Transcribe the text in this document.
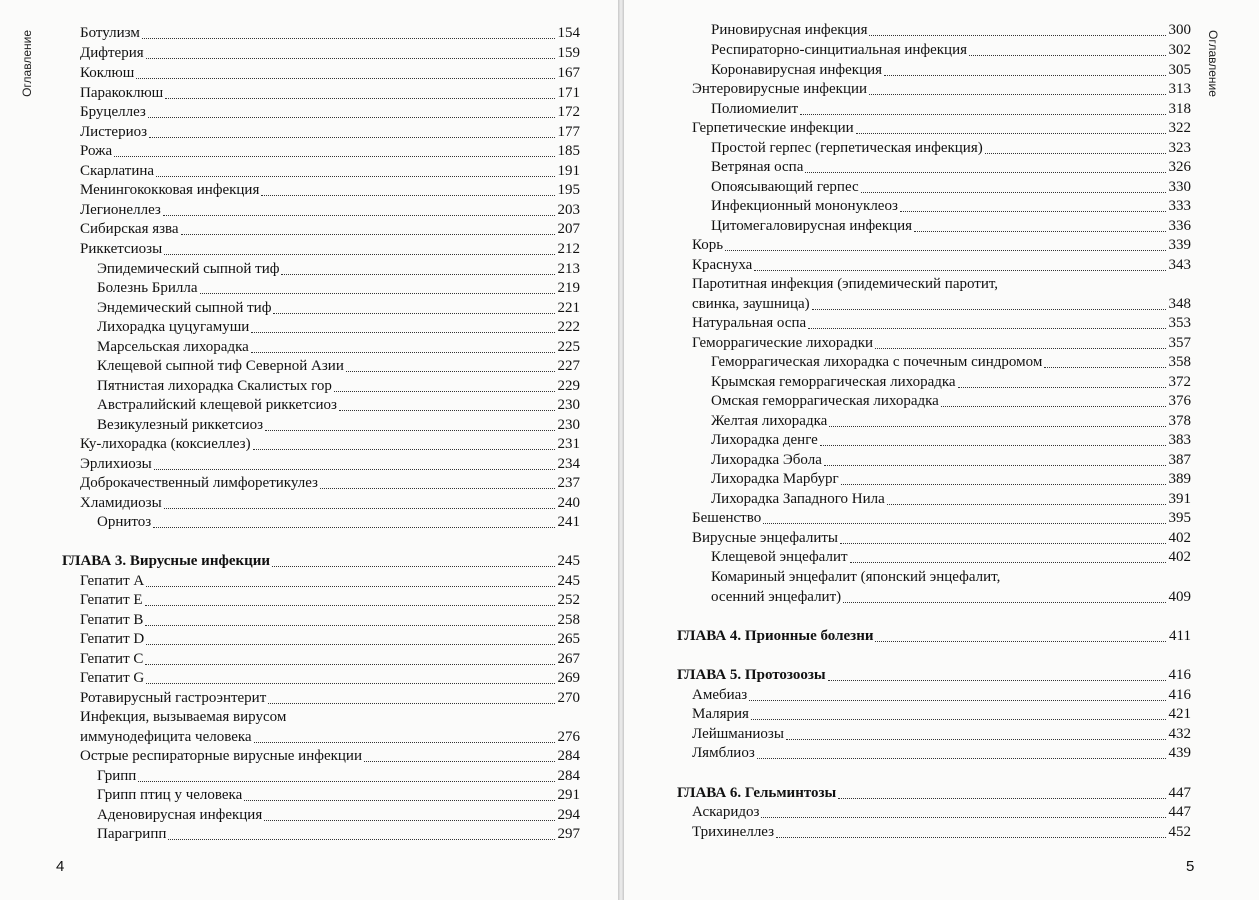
Оглавление	Ботулизм	154
Дифтерия	159
Коклюш	167
Паракоклюш	171
Бруцеллез	172
Листериоз	177
Рожа	185
Скарлатина	191
Менингококковая инфекция	195
Легионеллез	203
Сибирская язва	207
Риккетсиозы	212
Эпидемический сыпной тиф	213
Болезнь Брилла	219
Эндемический сыпной тиф	221
Лихорадка цуцугамуши	222
Марсельская лихорадка	225
Клещевой сыпной тиф Северной Азии	227
Пятнистая лихорадка Скалистых гор	229
Австралийский клещевой риккетсиоз	230
Везикулезный риккетсиоз	230
Ку-лихорадка (коксиеллез)	231
Эрлихиозы	234
Доброкачественный лимфоретикулез	237
Хламидиозы	240
Орнитоз	241
ГЛАВА 3. Вирусные инфекции	245
Гепатит A	245
Гепатит E	252
Гепатит B	258
Гепатит D	265
Гепатит C	267
Гепатит G	269
Ротавирусный гастроэнтерит	270
Инфекция, вызываемая вирусом
иммунодефицита человека	276
Острые респираторные вирусные инфекции	284
Грипп	284
Грипп птиц у человека	291
Аденовирусная инфекция	294
Парагрипп	297
4
Оглавление
Риновирусная инфекция	300
Респираторно-синцитиальная инфекция	302
Коронавирусная инфекция	305
Энтеровирусные инфекции	313
Полиомиелит	318
Герпетические инфекции	322
Простой герпес (герпетическая инфекция)	323
Ветряная оспа	326
Опоясывающий герпес	330
Инфекционный мононуклеоз	333
Цитомегаловирусная инфекция	336
Корь	339
Краснуха	343
Паротитная инфекция (эпидемический паротит,
свинка, заушница)	348
Натуральная оспа	353
Геморрагические лихорадки	357
Геморрагическая лихорадка с почечным синдромом	358
Крымская геморрагическая лихорадка	372
Омская геморрагическая лихорадка	376
Желтая лихорадка	378
Лихорадка денге	383
Лихорадка Эбола	387
Лихорадка Марбург	389
Лихорадка Западного Нила	391
Бешенство	395
Вирусные энцефалиты	402
Клещевой энцефалит	402
Комариный энцефалит (японский энцефалит,
осенний энцефалит)	409
ГЛАВА 4. Прионные болезни	411
ГЛАВА 5. Протозоозы	416
Амебиаз	416
Малярия	421
Лейшманиозы	432
Лямблиоз	439
ГЛАВА 6. Гельминтозы	447
Аскаридоз	447
Трихинеллез	452
5
